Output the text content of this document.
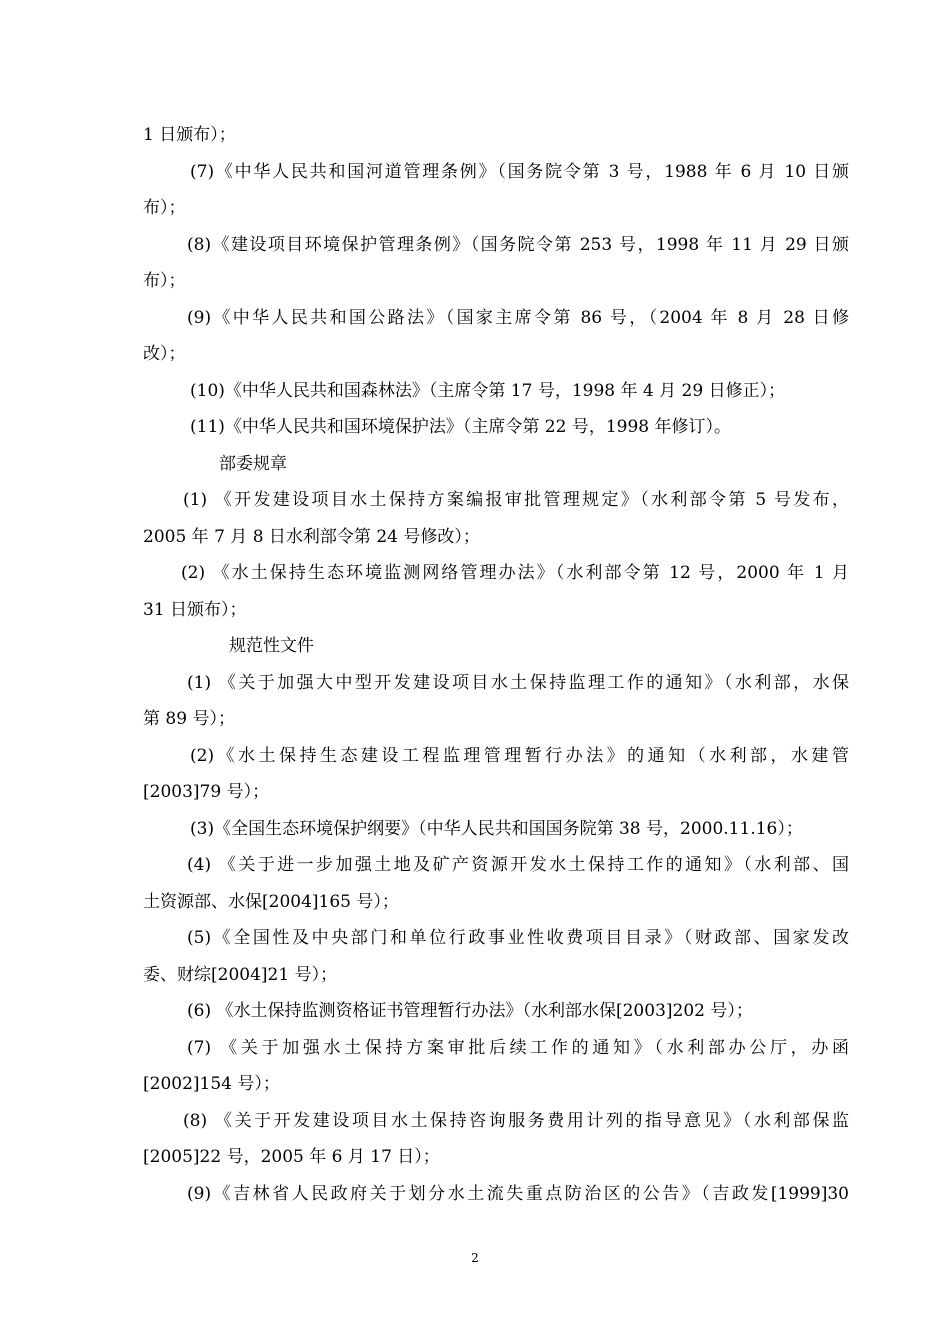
1 日颁布）；
(7)《中华人民共和国河道管理条例》（国务院令第 3 号，1988 年 6 月 10 日颁
布）；
(8)《建设项目环境保护管理条例》（国务院令第 253 号，1998 年 11 月 29 日颁
布）；
(9)《中华人民共和国公路法》（国家主席令第 86 号，（2004 年 8 月 28 日修
改）；
(10)《中华人民共和国森林法》（主席令第 17 号，1998 年 4 月 29 日修正）；
(11)《中华人民共和国环境保护法》（主席令第 22 号，1998 年修订）。
部委规章
(1) 《开发建设项目水土保持方案编报审批管理规定》（水利部令第 5 号发布，
2005 年 7 月 8 日水利部令第 24 号修改）；
(2) 《水土保持生态环境监测网络管理办法》（水利部令第 12 号，2000 年 1 月
31 日颁布）；
规范性文件
(1) 《关于加强大中型开发建设项目水土保持监理工作的通知》（水利部，水保
第 89 号）；
(2)《水土保持生态建设工程监理管理暂行办法》的通知（水利部，水建管
[2003]79 号）；
(3)《全国生态环境保护纲要》（中华人民共和国国务院第 38 号，2000.11.16）；
(4) 《关于进一步加强土地及矿产资源开发水土保持工作的通知》（水利部、国
土资源部、水保[2004]165 号）；
(5)《全国性及中央部门和单位行政事业性收费项目目录》（财政部、国家发改
委、财综[2004]21 号）；
(6) 《水土保持监测资格证书管理暂行办法》（水利部水保[2003]202 号）；
(7) 《关于加强水土保持方案审批后续工作的通知》（水利部办公厅，办函
[2002]154 号）；
(8) 《关于开发建设项目水土保持咨询服务费用计列的指导意见》（水利部保监
[2005]22 号，2005 年 6 月 17 日）；
(9)《吉林省人民政府关于划分水土流失重点防治区的公告》（吉政发[1999]30
2
